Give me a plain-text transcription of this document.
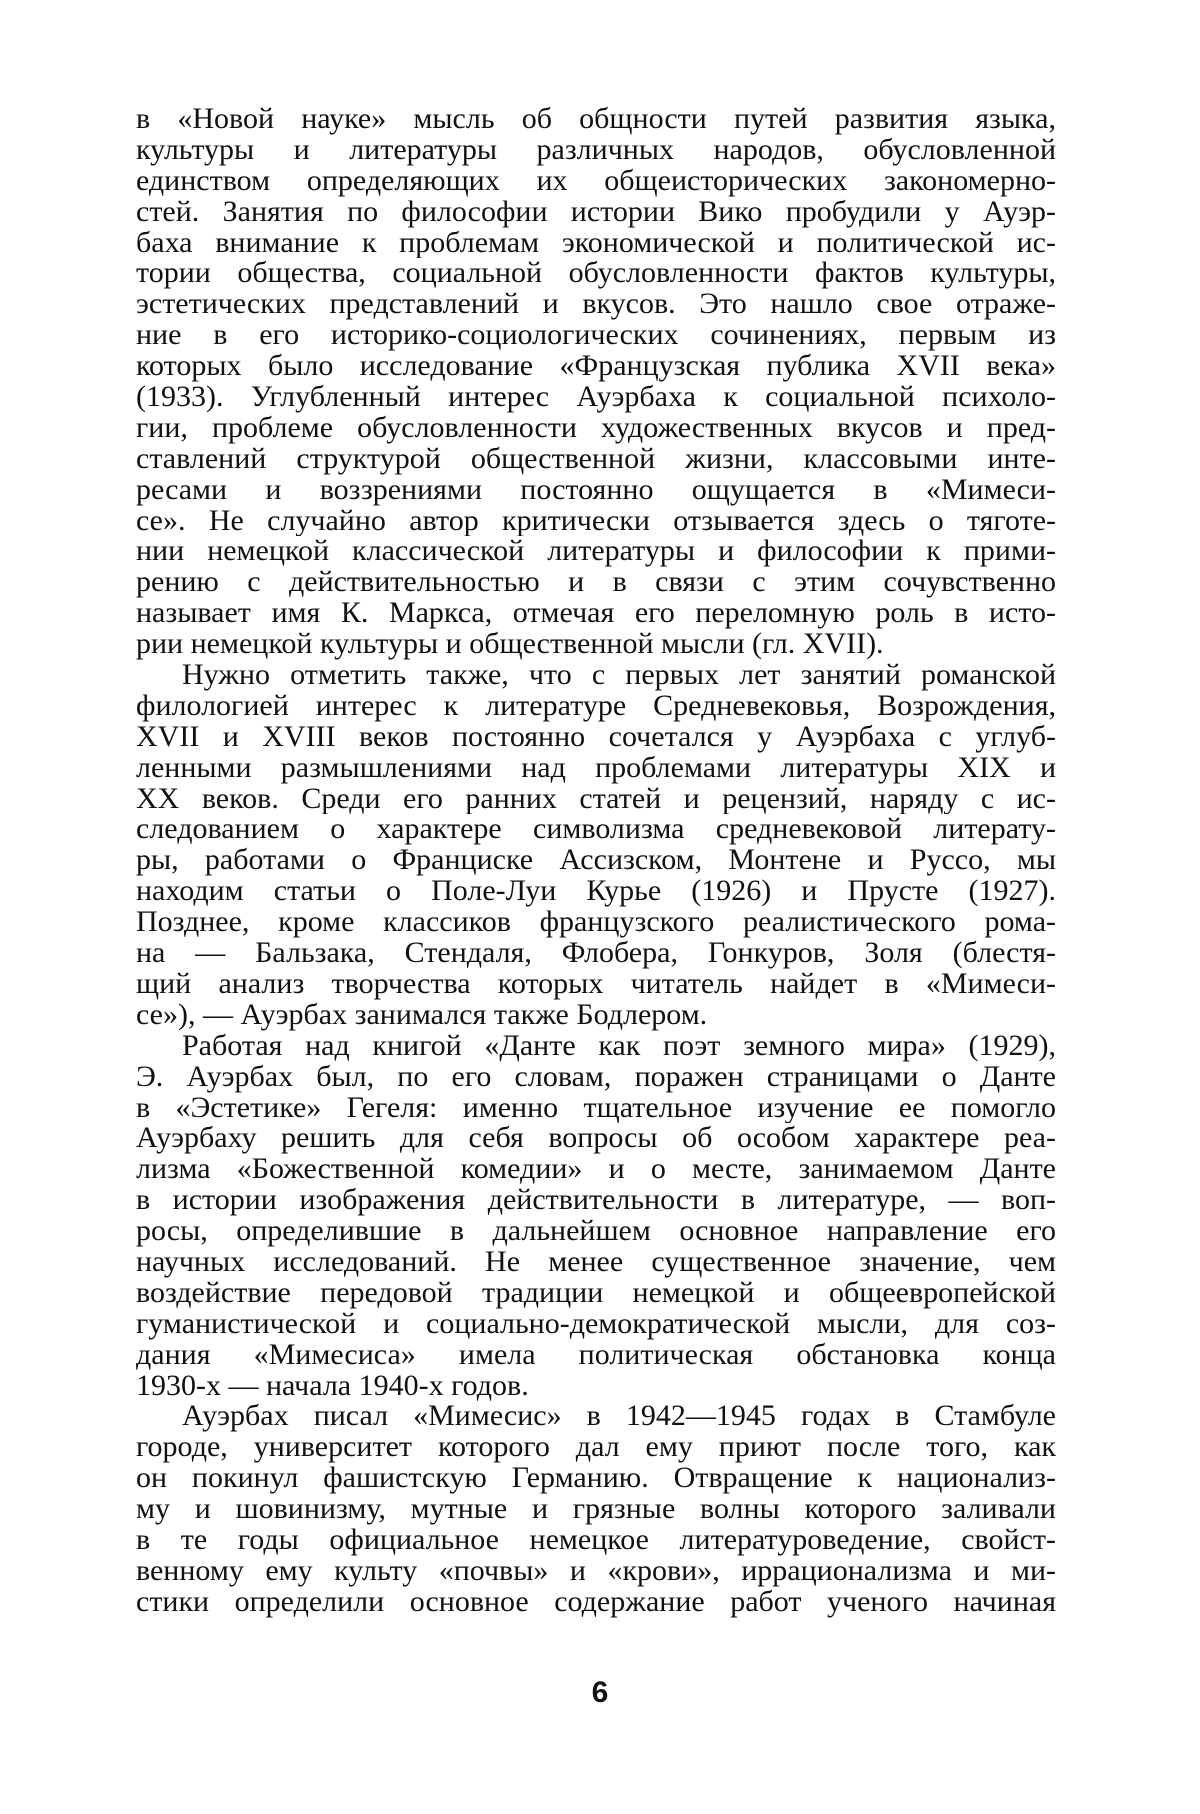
в «Новой науке» мысль об общности путей развития языка,
культуры и литературы различных народов, обусловленной
единством определяющих их общеисторических закономерно-
стей. Занятия по философии истории Вико пробудили у Ауэр-
баха внимание к проблемам экономической и политической ис-
тории общества, социальной обусловленности фактов культуры,
эстетических представлений и вкусов. Это нашло свое отраже-
ние в его историко-социологических сочинениях, первым из
которых было исследование «Французская публика XVII века»
(1933). Углубленный интерес Ауэрбаха к социальной психоло-
гии, проблеме обусловленности художественных вкусов и пред-
ставлений структурой общественной жизни, классовыми инте-
ресами и воззрениями постоянно ощущается в «Мимеси-
се». Не случайно автор критически отзывается здесь о тяготе-
нии немецкой классической литературы и философии к прими-
рению с действительностью и в связи с этим сочувственно
называет имя К. Маркса, отмечая его переломную роль в исто-
рии немецкой культуры и общественной мысли (гл. XVII).
Нужно отметить также, что с первых лет занятий романской
филологией интерес к литературе Средневековья, Возрождения,
XVII и XVIII веков постоянно сочетался у Ауэрбаха с углуб-
ленными размышлениями над проблемами литературы XIX и
XX веков. Среди его ранних статей и рецензий, наряду с ис-
следованием о характере символизма средневековой литерату-
ры, работами о Франциске Ассизском, Монтене и Руссо, мы
находим статьи о Поле-Луи Курье (1926) и Прусте (1927).
Позднее, кроме классиков французского реалистического рома-
на — Бальзака, Стендаля, Флобера, Гонкуров, Золя (блестя-
щий анализ творчества которых читатель найдет в «Мимеси-
се»), — Ауэрбах занимался также Бодлером.
Работая над книгой «Данте как поэт земного мира» (1929),
Э. Ауэрбах был, по его словам, поражен страницами о Данте
в «Эстетике» Гегеля: именно тщательное изучение ее помогло
Ауэрбаху решить для себя вопросы об особом характере реа-
лизма «Божественной комедии» и о месте, занимаемом Данте
в истории изображения действительности в литературе, — воп-
росы, определившие в дальнейшем основное направление его
научных исследований. Не менее существенное значение, чем
воздействие передовой традиции немецкой и общеевропейской
гуманистической и социально-демократической мысли, для соз-
дания «Мимесиса» имела политическая обстановка конца
1930-х — начала 1940-х годов.
Ауэрбах писал «Мимесис» в 1942—1945 годах в Стамбуле
городе, университет которого дал ему приют после того, как
он покинул фашистскую Германию. Отвращение к национализ-
му и шовинизму, мутные и грязные волны которого заливали
в те годы официальное немецкое литературоведение, свойст-
венному ему культу «почвы» и «крови», иррационализма и ми-
стики определили основное содержание работ ученого начиная
6
